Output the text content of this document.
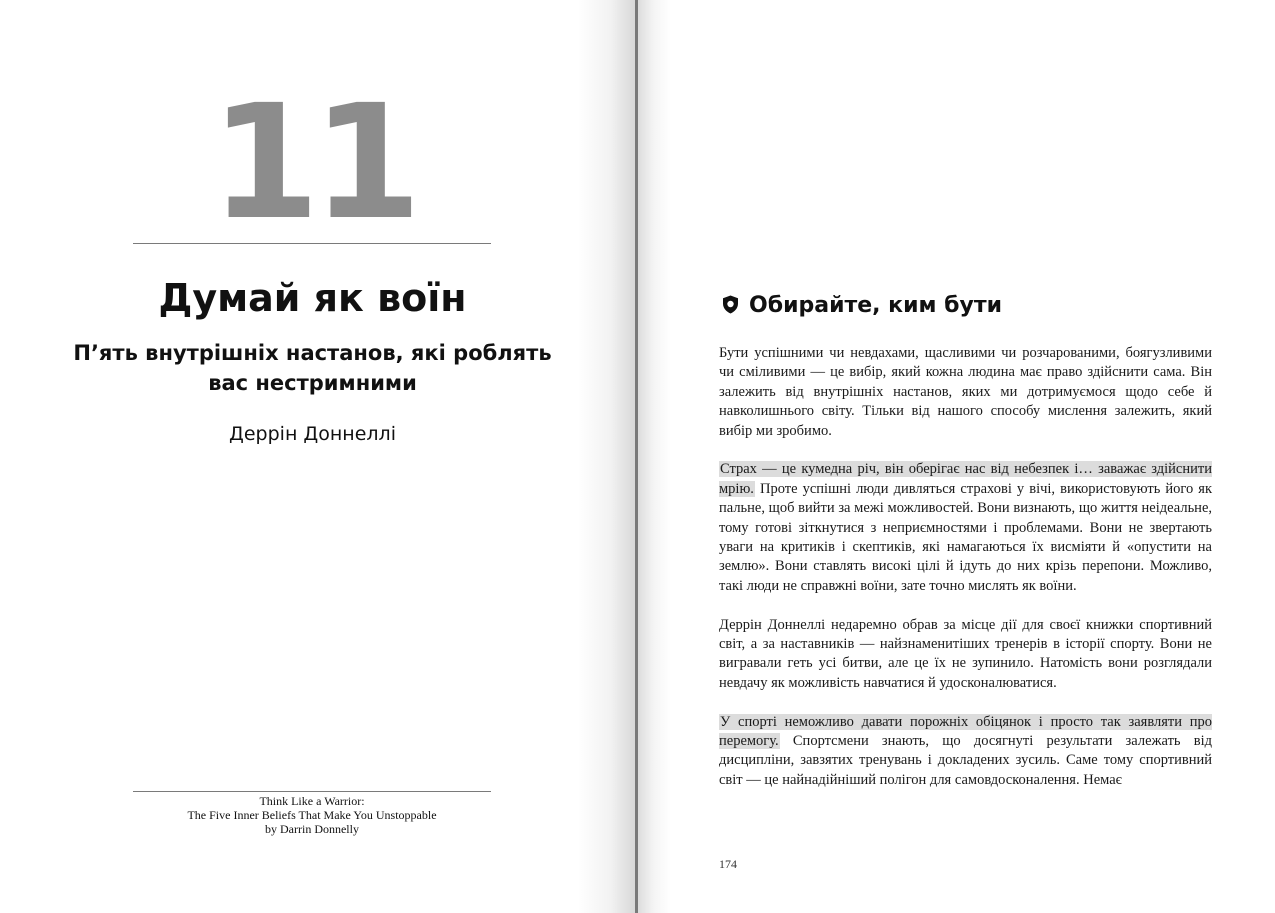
11
Думай як воїн
П’ять внутрішніх настанов, які роблять вас нестримними
Деррін Доннеллі
Think Like a Warrior:
The Five Inner Beliefs That Make You Unstoppable
by Darrin Donnelly
Обирайте, ким бути

Бути успішними чи невдахами, щасливими чи розчарованими, боягузливими чи сміливими — це вибір, який кожна людина має право здійснити сама. Він залежить від внутрішніх настанов, яких ми дотримуємося щодо себе й навколишнього світу. Тільки від нашого способу мислення залежить, який вибір ми зробимо.

Страх — це кумедна річ, він оберігає нас від небезпек і… заважає здійснити мрію. Проте успішні люди дивляться страхові у вічі, використовують його як пальне, щоб вийти за межі можливостей. Вони визнають, що життя неідеальне, тому готові зіткнутися з неприємностями і проблемами. Вони не звертають уваги на критиків і скептиків, які намагаються їх висміяти й «опустити на землю». Вони ставлять високі цілі й ідуть до них крізь перепони. Можливо, такі люди не справжні воїни, зате точно мислять як воїни.

Деррін Доннеллі недаремно обрав за місце дії для своєї книжки спортивний світ, а за наставників — найзнаменитіших тренерів в історії спорту. Вони не вигравали геть усі битви, але це їх не зупинило. Натомість вони розглядали невдачу як можливість навчатися й удосконалюватися.

У спорті неможливо давати порожніх обіцянок і просто так заявляти про перемогу. Спортсмени знають, що досягнуті результати залежать від дисципліни, завзятих тренувань і докладених зусиль. Саме тому спортивний світ — це найнадійніший полігон для самовдосконалення. Немає

174
